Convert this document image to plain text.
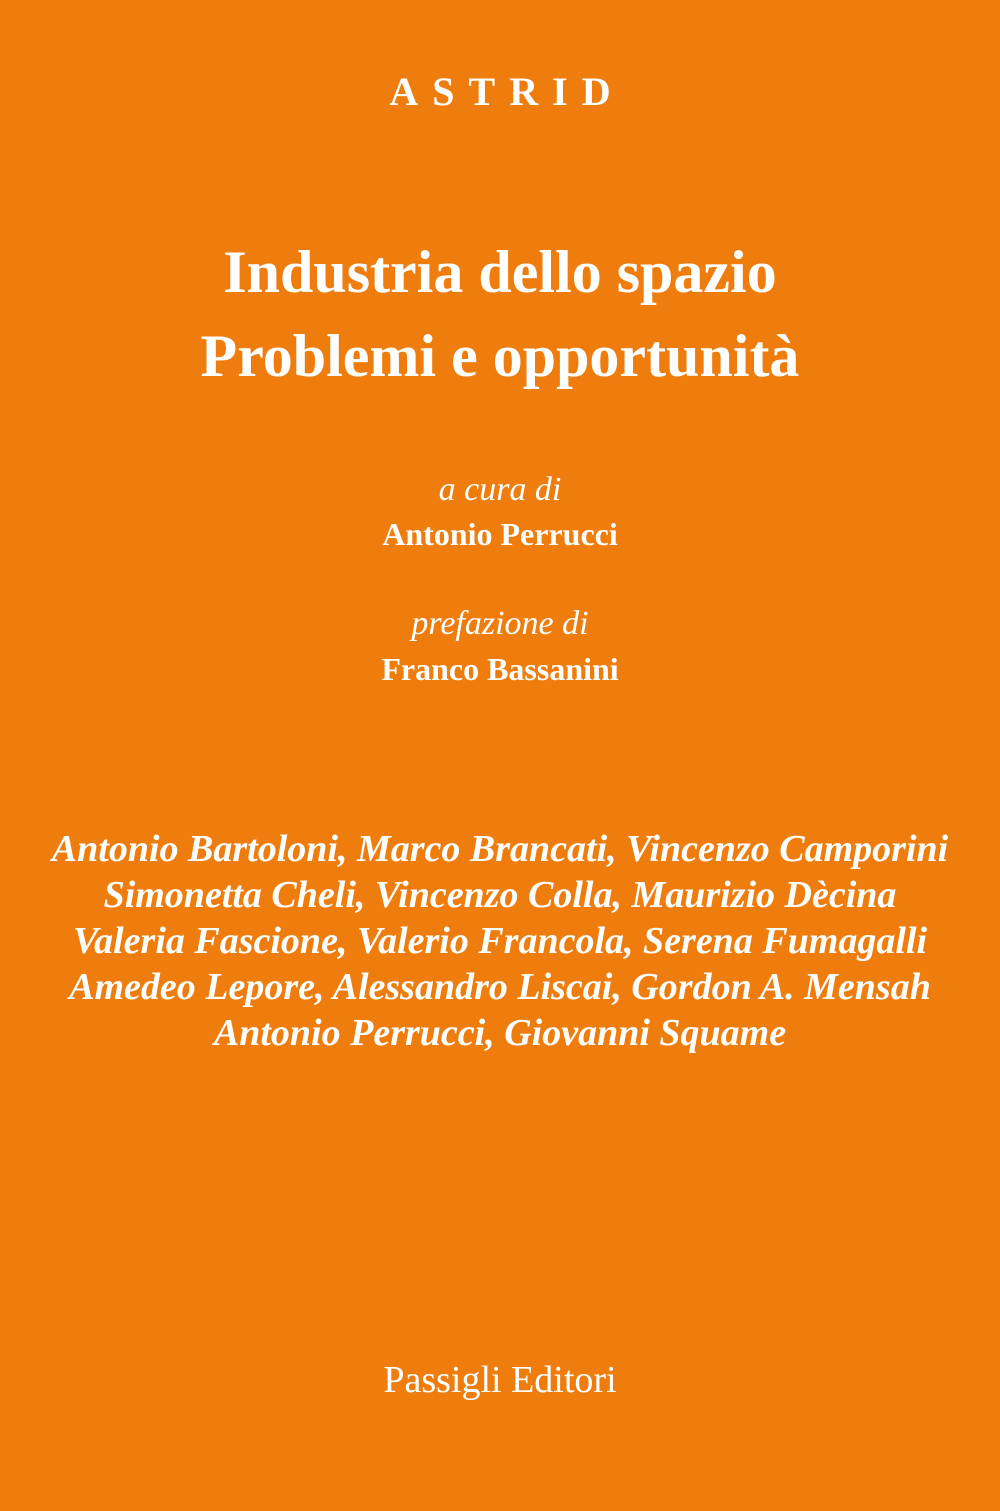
ASTRID
Industria dello spazio
Problemi e opportunità
a cura di
Antonio Perrucci
prefazione di
Franco Bassanini
Antonio Bartoloni, Marco Brancati, Vincenzo Camporini
Simonetta Cheli, Vincenzo Colla, Maurizio Dècina
Valeria Fascione, Valerio Francola, Serena Fumagalli
Amedeo Lepore, Alessandro Liscai, Gordon A. Mensah
Antonio Perrucci, Giovanni Squame
Passigli Editori
